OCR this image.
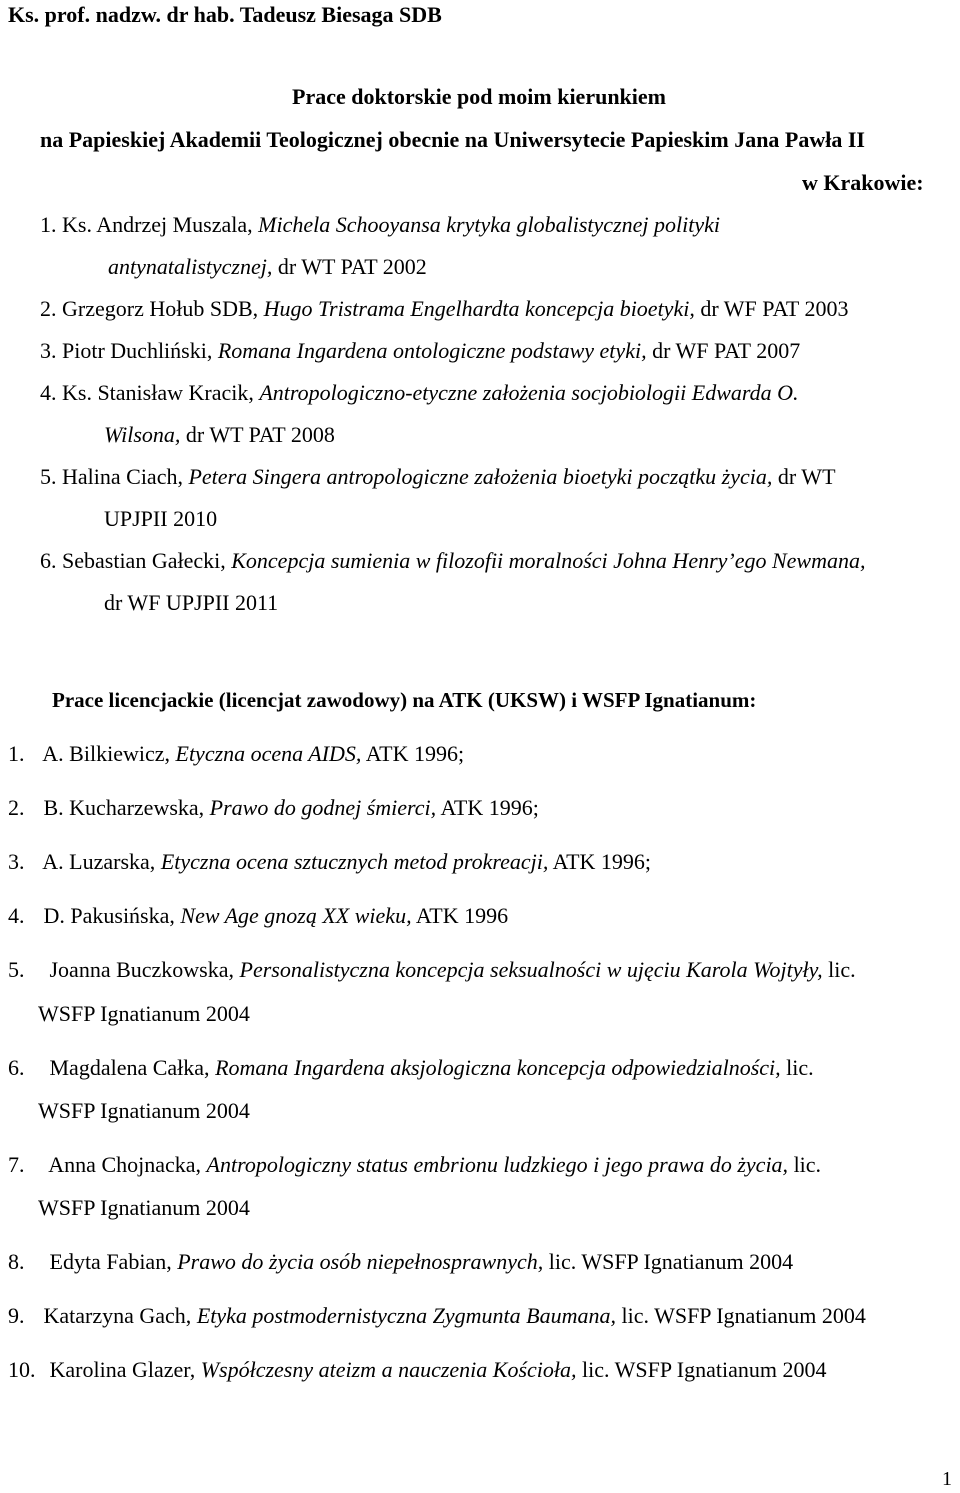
Ks. prof. nadzw. dr hab. Tadeusz Biesaga SDB
Prace doktorskie pod moim kierunkiem
na Papieskiej Akademii Teologicznej obecnie na Uniwersytecie Papieskim Jana Pawła II
w Krakowie:
1. Ks. Andrzej Muszala, Michela Schooyansa krytyka globalistycznej polityki
antynatalistycznej, dr WT PAT 2002
2. Grzegorz Hołub SDB, Hugo Tristrama Engelhardta koncepcja bioetyki, dr WF PAT 2003
3. Piotr Duchliński, Romana Ingardena ontologiczne podstawy etyki, dr WF PAT 2007
4. Ks. Stanisław Kracik, Antropologiczno-etyczne założenia socjobiologii Edwarda O.
Wilsona, dr WT PAT 2008
5. Halina Ciach, Petera Singera antropologiczne założenia bioetyki początku życia, dr WT
UPJPII 2010
6. Sebastian Gałecki, Koncepcja sumienia w filozofii moralności Johna Henry’ego Newmana,
dr WF UPJPII 2011
Prace licencjackie (licencjat zawodowy) na ATK (UKSW) i WSFP Ignatianum:
1. A. Bilkiewicz, Etyczna ocena AIDS, ATK 1996;
2. B. Kucharzewska, Prawo do godnej śmierci, ATK 1996;
3. A. Luzarska, Etyczna ocena sztucznych metod prokreacji, ATK 1996;
4. D. Pakusińska, New Age gnozą XX wieku, ATK 1996
5. Joanna Buczkowska, Personalistyczna koncepcja seksualności w ujęciu Karola Wojtyły, lic.
WSFP Ignatianum 2004
6. Magdalena Całka, Romana Ingardena aksjologiczna koncepcja odpowiedzialności, lic.
WSFP Ignatianum 2004
7. Anna Chojnacka, Antropologiczny status embrionu ludzkiego i jego prawa do życia, lic.
WSFP Ignatianum 2004
8. Edyta Fabian, Prawo do życia osób niepełnosprawnych, lic. WSFP Ignatianum 2004
9. Katarzyna Gach, Etyka postmodernistyczna Zygmunta Baumana, lic. WSFP Ignatianum 2004
10. Karolina Glazer, Współczesny ateizm a nauczenia Kościoła, lic. WSFP Ignatianum 2004
1
